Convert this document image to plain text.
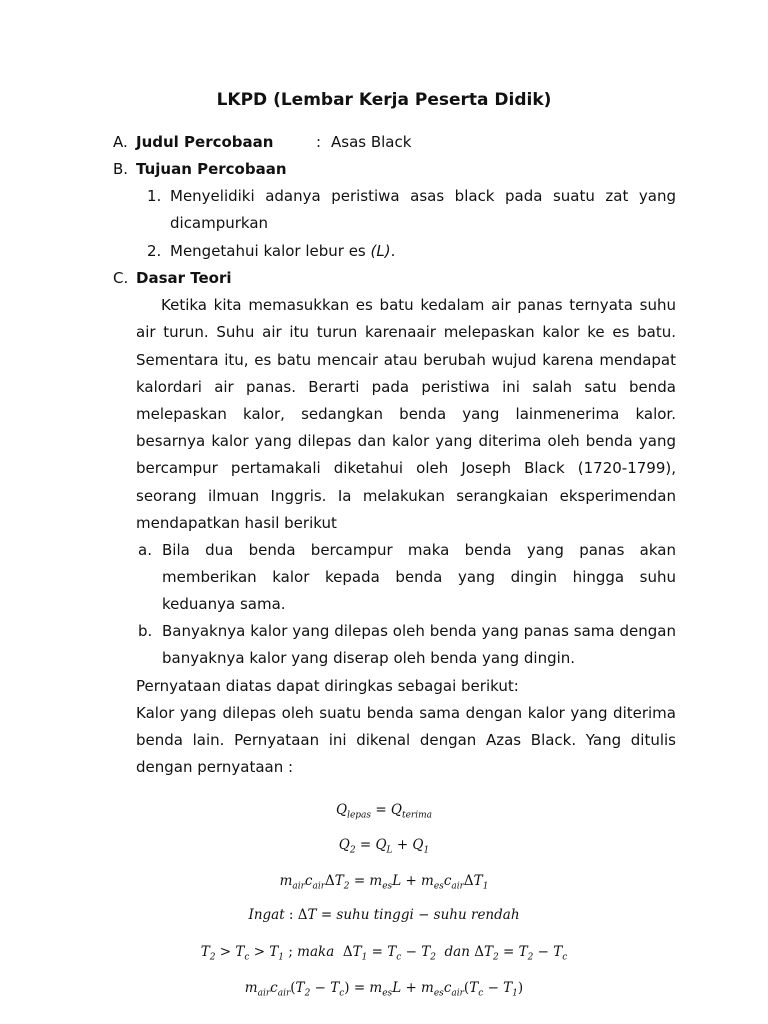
LKPD (Lembar Kerja Peserta Didik)
A. Judul Percobaan	: Asas Black
B. Tujuan Percobaan
1. Menyelidiki adanya peristiwa asas black pada suatu zat yang
dicampurkan
2. Mengetahui kalor lebur es (L).
C. Dasar Teori
Ketika kita memasukkan es batu kedalam air panas ternyata suhu
air turun. Suhu air itu turun karenaair melepaskan kalor ke es batu.
Sementara itu, es batu mencair atau berubah wujud karena mendapat
kalordari air panas. Berarti pada peristiwa ini salah satu benda
melepaskan kalor, sedangkan benda yang lainmenerima kalor.
besarnya kalor yang dilepas dan kalor yang diterima oleh benda yang
bercampur pertamakali diketahui oleh Joseph Black (1720-1799),
seorang ilmuan Inggris. Ia melakukan serangkaian eksperimendan
mendapatkan hasil berikut
a. Bila dua benda bercampur maka benda yang panas akan
memberikan kalor kepada benda yang dingin hingga suhu
keduanya sama.
b. Banyaknya kalor yang dilepas oleh benda yang panas sama dengan
banyaknya kalor yang diserap oleh benda yang dingin.
Pernyataan diatas dapat diringkas sebagai berikut:
Kalor yang dilepas oleh suatu benda sama dengan kalor yang diterima
benda lain. Pernyataan ini dikenal dengan Azas Black. Yang ditulis
dengan pernyataan :
$Q_{lepas} = Q_{terima}$
$Q_2 = Q_L + Q_1$
$m_{air}c_{air}\Delta T_2 = m_{es}L + m_{es}c_{air}\Delta T_1$
Ingat : ΔT = suhu tinggi − suhu rendah
$T_2 > T_c > T_1$ ; maka  $\Delta T_1 = T_c - T_2$  dan $\Delta T_2 = T_2 - T_c$
$m_{air}c_{air}(T_2 - T_c) = m_{es}L + m_{es}c_{air}(T_c - T_1)$
